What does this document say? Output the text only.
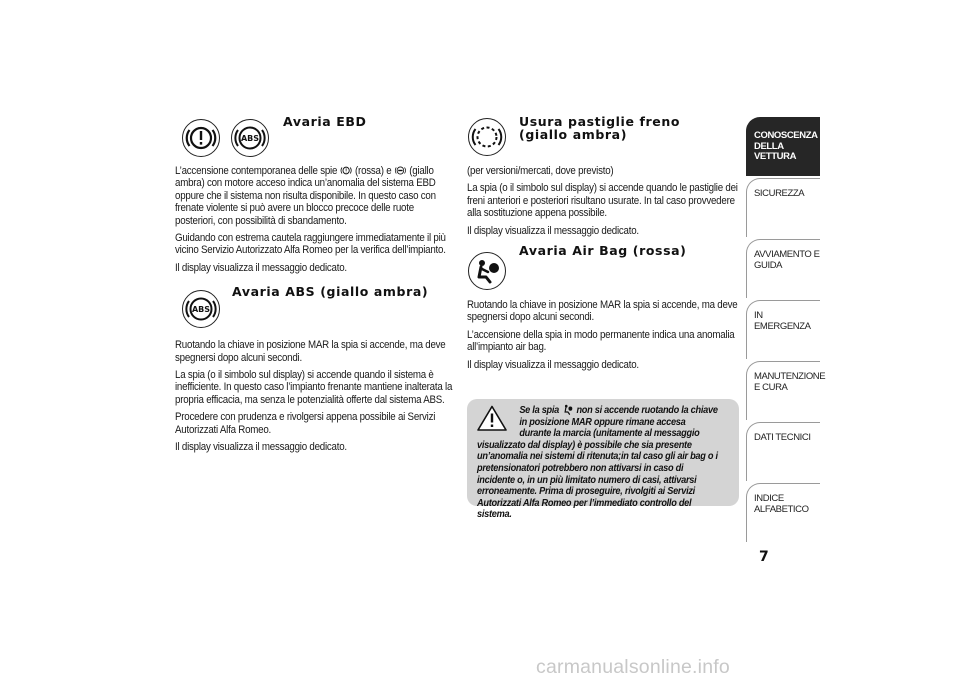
ABS
Avaria EBD
L’accensione contemporanea delle spie (rossa) e (giallo ambra) con motore acceso indica un’anomalia del sistema EBD oppure che il sistema non risulta disponibile. In questo caso con frenate violente si può avere un blocco precoce delle ruote posteriori, con possibilità di sbandamento.
Guidando con estrema cautela raggiungere immediatamente il più vicino Servizio Autorizzato Alfa Romeo per la verifica dell’impianto.
Il display visualizza il messaggio dedicato.
ABS
Avaria ABS (giallo ambra)
Ruotando la chiave in posizione MAR la spia si accende, ma deve spegnersi dopo alcuni secondi.
La spia (o il simbolo sul display) si accende quando il sistema è inefficiente. In questo caso l’impianto frenante mantiene inalterata la propria efficacia, ma senza le potenzialità offerte dal sistema ABS.
Procedere con prudenza e rivolgersi appena possibile ai Servizi Autorizzati Alfa Romeo.
Il display visualizza il messaggio dedicato.
Usura pastiglie freno
(giallo ambra)
(per versioni/mercati, dove previsto)
La spia (o il simbolo sul display) si accende quando le pastiglie dei freni anteriori e posteriori risultano usurate. In tal caso provvedere alla sostituzione appena possibile.
Il display visualizza il messaggio dedicato.
Avaria Air Bag (rossa)
Ruotando la chiave in posizione MAR la spia si accende, ma deve spegnersi dopo alcuni secondi.
L’accensione della spia in modo permanente indica una anomalia all’impianto air bag.
Il display visualizza il messaggio dedicato.
Se la spia non si accende ruotando la chiave in posizione MAR oppure rimane accesa durante la marcia (unitamente al messaggio visualizzato dal display) è possibile che sia presente un’anomalia nei sistemi di ritenuta;in tal caso gli air bag o i pretensionatori potrebbero non attivarsi in caso di incidente o, in un più limitato numero di casi, attivarsi erroneamente. Prima di proseguire, rivolgiti ai Servizi Autorizzati Alfa Romeo per l’immediato controllo del sistema.
CONOSCENZA DELLA VETTURA
SICUREZZA
AVVIAMENTO E GUIDA
IN EMERGENZA
MANUTENZIONE E CURA
DATI TECNICI
INDICE ALFABETICO
7
carmanualsonline.info
